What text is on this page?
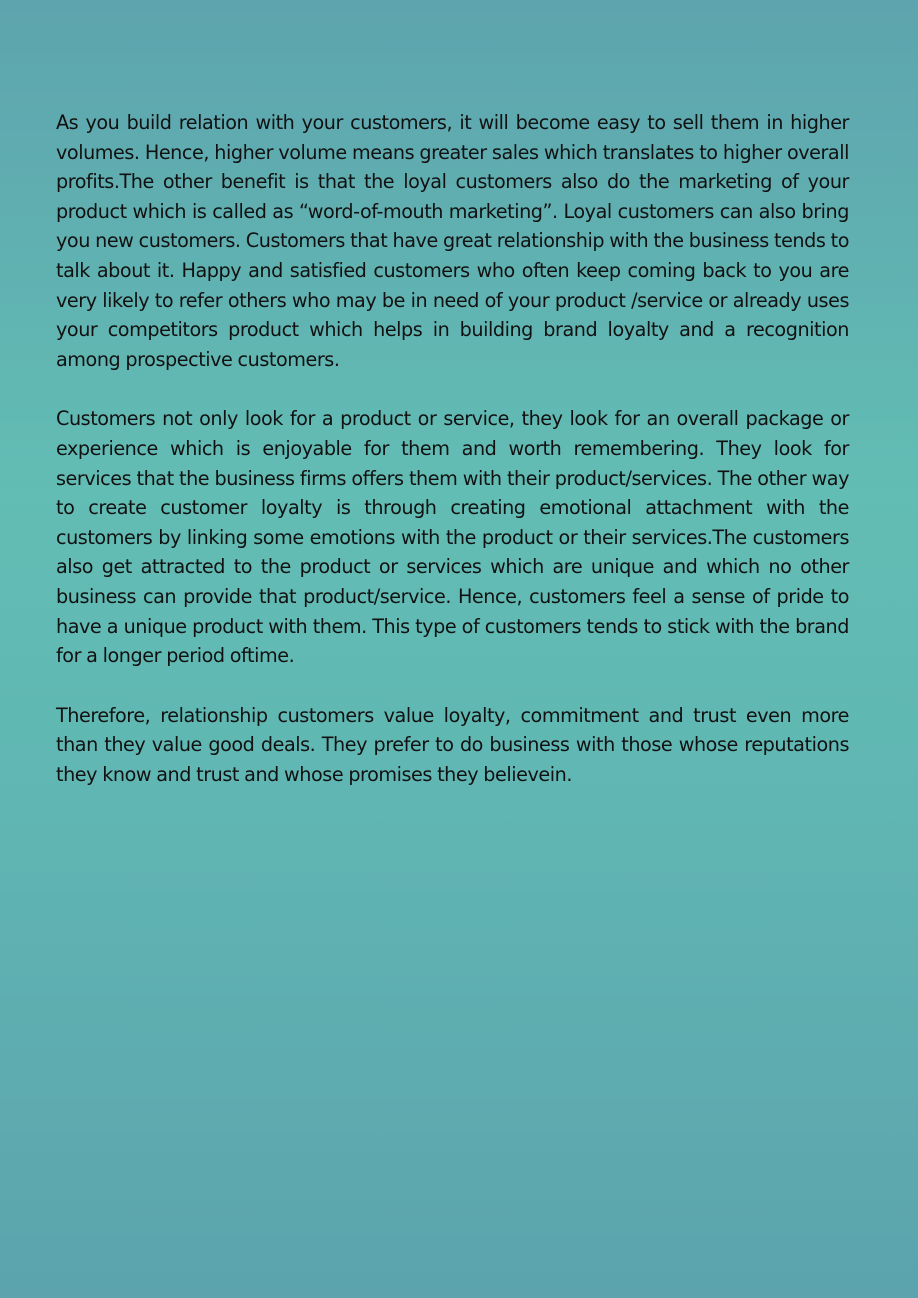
As you build relation with your customers, it will become easy to sell them in higher volumes. Hence, higher volume means greater sales which translates to higher overall profits.The other benefit is that the loyal customers also do the marketing of your product which is called as “word-of-mouth marketing”. Loyal customers can also bring you new customers. Customers that have great relationship with the business tends to talk about it. Happy and satisfied customers who often keep coming back to you are very likely to refer others who may be in need of your product /service or already uses your competitors product which helps in building brand loyalty and a recognition among prospective customers.

Customers not only look for a product or service, they look for an overall package or experience which is enjoyable for them and worth remembering. They look for services that the business firms offers them with their product/services. The other way to create customer loyalty is through creating emotional attachment with the customers by linking some emotions with the product or their services.The customers also get attracted to the product or services which are unique and which no other business can provide that product/service. Hence, customers feel a sense of pride to have a unique product with them. This type of customers tends to stick with the brand for a longer period oftime.

Therefore, relationship customers value loyalty, commitment and trust even more than they value good deals. They prefer to do business with those whose reputations they know and trust and whose promises they believein.
